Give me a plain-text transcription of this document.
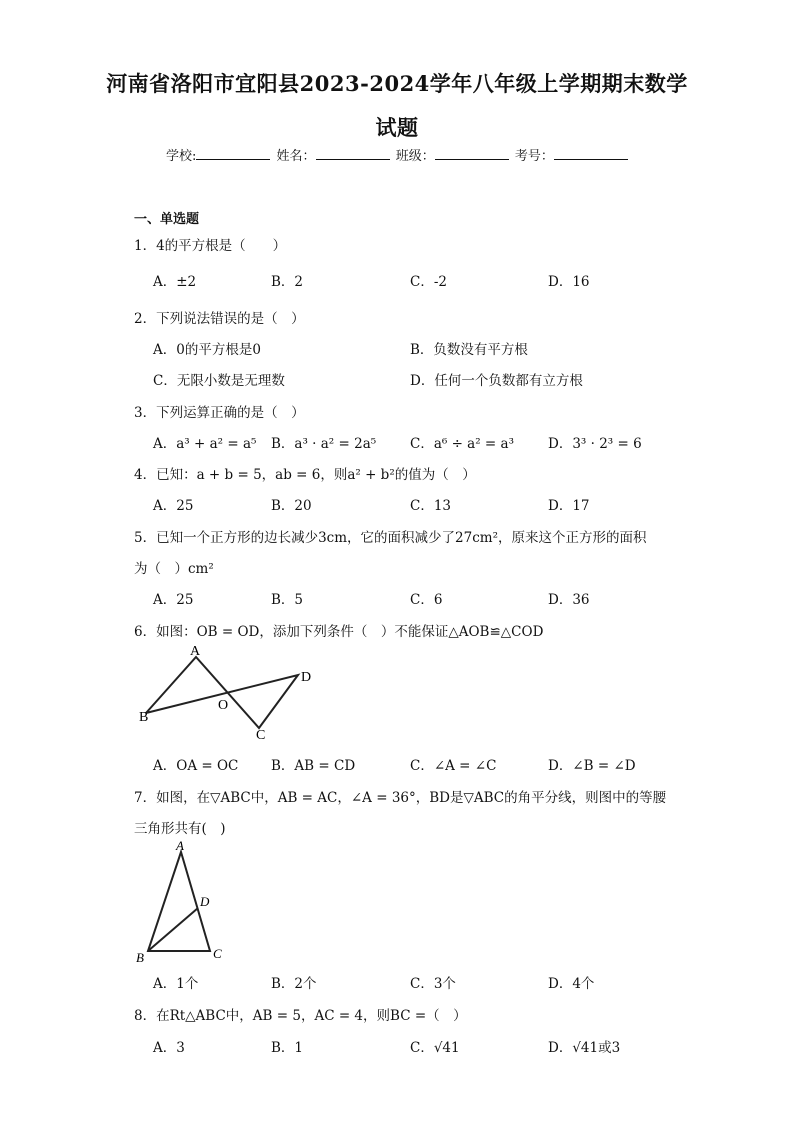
河南省洛阳市宜阳县2023-2024学年八年级上学期期末数学
试题
学校:	姓名：	班级：	考号：
一、单选题
1．4的平方根是（　　）
A．±2	B．2	C．-2	D．16
2．下列说法错误的是（　）
A．0的平方根是0	B．负数没有平方根
C．无限小数是无理数	D．任何一个负数都有立方根
3．下列运算正确的是（　）
A．a³ + a² = a⁵ B．a³ · a² = 2a⁵	C．a⁶ ÷ a² = a³	D．3³ · 2³ = 6
4．已知：a + b = 5，ab = 6，则a² + b²的值为（　）
A．25	B．20	C．13	D．17
5．已知一个正方形的边长减少3cm，它的面积减少了27cm²，原来这个正方形的面积
为（　）cm²
A．25	B．5	C．6	D．36
6．如图：OB = OD，添加下列条件（　）不能保证△AOB≌△COD
A
B
O
C
D
A．OA = OC B．AB = CD	C．∠A = ∠C	D．∠B = ∠D
7．如图，在▽ABC中，AB = AC，∠A = 36°，BD是▽ABC的角平分线，则图中的等腰
三角形共有(　)
A
D
B	C
A．1个	B．2个	C．3个	D．4个
8．在Rt△ABC中，AB = 5，AC = 4，则BC =（　）
A．3	B．1	C．√41	D．√41或3
